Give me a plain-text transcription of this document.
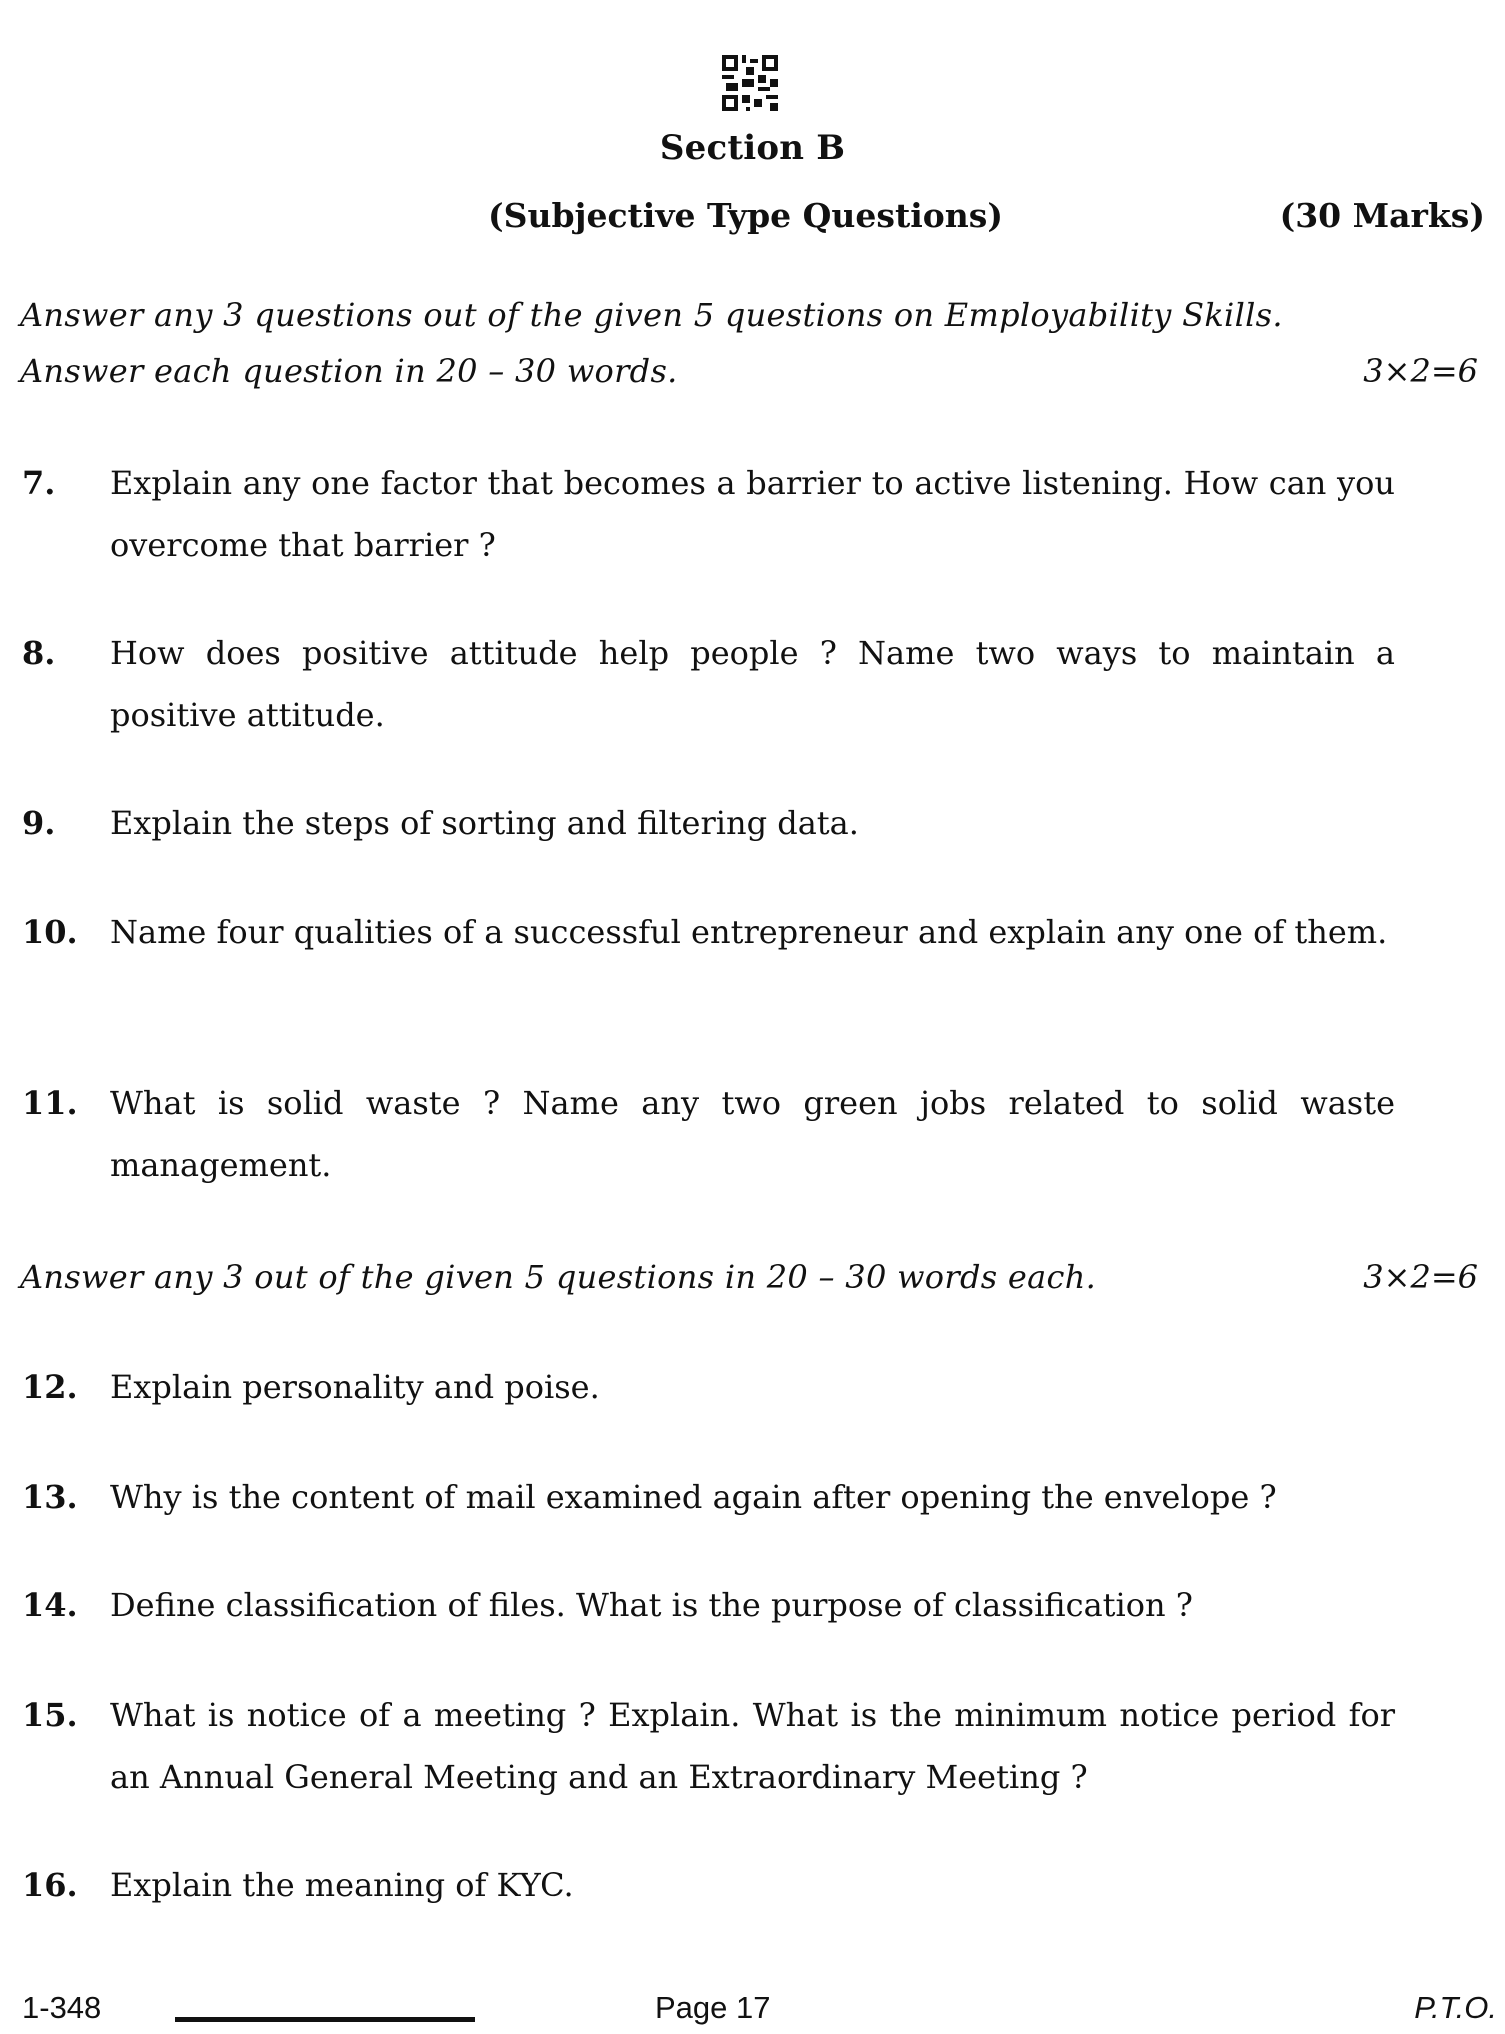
Section B
(Subjective Type Questions)	(30 Marks)
Answer any 3 questions out of the given 5 questions on Employability Skills.
Answer each question in 20 – 30 words.	3×2=6
7. Explain any one factor that becomes a barrier to active listening. How can you overcome that barrier ?
8. How does positive attitude help people ? Name two ways to maintain a positive attitude.
9. Explain the steps of sorting and filtering data.
10. Name four qualities of a successful entrepreneur and explain any one of them.
11. What is solid waste ? Name any two green jobs related to solid waste management.
Answer any 3 out of the given 5 questions in 20 – 30 words each.	3×2=6
12. Explain personality and poise.
13. Why is the content of mail examined again after opening the envelope ?
14. Define classification of files. What is the purpose of classification ?
15. What is notice of a meeting ? Explain. What is the minimum notice period for an Annual General Meeting and an Extraordinary Meeting ?
16. Explain the meaning of KYC.
1-348	Page 17	P.T.O.
